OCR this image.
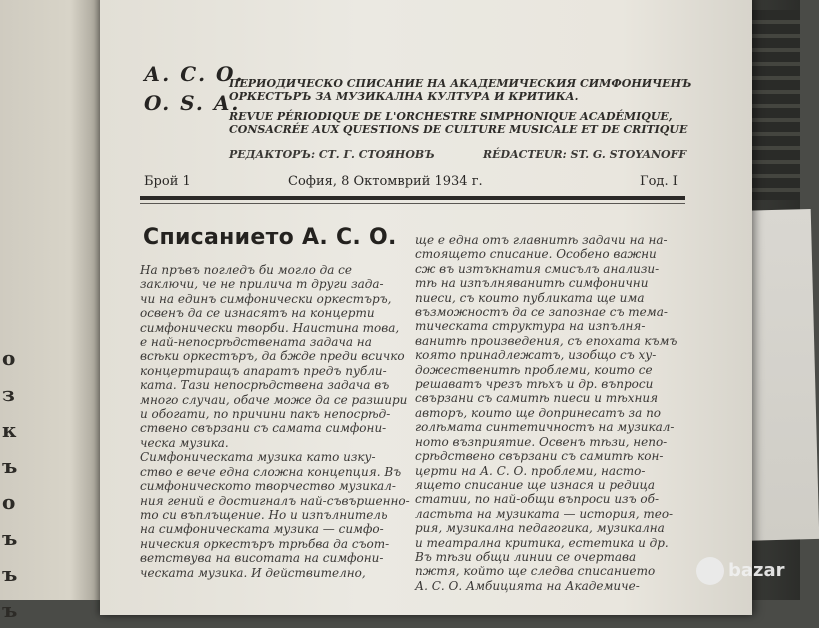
о
з
к
ъ
о
ъ
ъ
ъ
А. С. О.
O. S. A.
ПЕРИОДИЧЕСКО СПИСАНИЕ НА АКАДЕМИЧЕСКИЯ СИМФОНИЧЕНЪ
ОРКЕСТЪРЪ ЗА МУЗИКАЛНА КУЛТУРА И КРИТИКА.
REVUE PÉRIODIQUE DE L'ORCHESTRE SIMPHONIQUE ACADÉMIQUE,
CONSACRÉE AUX QUESTIONS DE CULTURE MUSICALE ET DE CRITIQUE
РЕДАКТОРЪ: СТ. Г. СТОЯНОВЪ	RÉDACTEUR: ST. G. STOYANOFF
Брой 1	София, 8 Октомврий 1934 г.	Год. I
Списанието А. С. О.
На пръвъ погледъ би могло да се
заключи, че не прилича т други зада-
чи на единъ симфонически оркестъръ,
освенъ да се изнасятъ на концерти
симфонически творби. Наистина това,
е най-непосрѣдствената задача на
всѣки оркестъръ, да бжде преди всичко
концертиращъ апаратъ предъ публи-
ката. Тази непосрѣдствена задача въ
много случаи, обаче може да се разшири
и обогати, по причини пакъ непосрѣд-
ствено свързани съ самата симфони-
ческа музика.
Симфоническата музика като изку-
ство е вече една сложна концепция. Въ
симфоническото творчество музикал-
ния гений е достигналъ най-съвършенно-
то си въплъщение. Но и изпълнитель
на симфоническата музика — симфо-
ническия оркестъръ трѣбва да съот-
ветствува на висотата на симфони-
ческата музика. И действително,
ще е една отъ главнитѣ задачи на на-
стоящето списание. Особено важни
сж въ изтъкнатия смисълъ анализи-
тѣ на изпълняванитѣ симфонични
пиеси, съ които публиката ще има
възможностъ да се запознае съ тема-
тическата структура на изпълня-
ванитѣ произведения, съ епохата къмъ
която принадлежатъ, изобщо съ ху-
дожественитѣ проблеми, които се
решаватъ чрезъ тѣхъ и др. въпроси
свързани съ самитѣ пиеси и тѣхния
авторъ, които ще допринесатъ за по
голѣмата синтетичностъ на музикал-
ното възприятие. Освенъ тѣзи, непо-
срѣдствено свързани съ самитѣ кон-
церти на А. С. О. проблеми, насто-
ящето списание ще изнася и редица
статии, по най-общи въпроси изъ об-
ластьта на музиката — история, тео-
рия, музикална педагогика, музикална
и театрална критика, естетика и др.
Въ тѣзи общи линии се очертава
пжтя, който ще следва списанието
А. С. О. Амбицията на Академиче-
bazar
